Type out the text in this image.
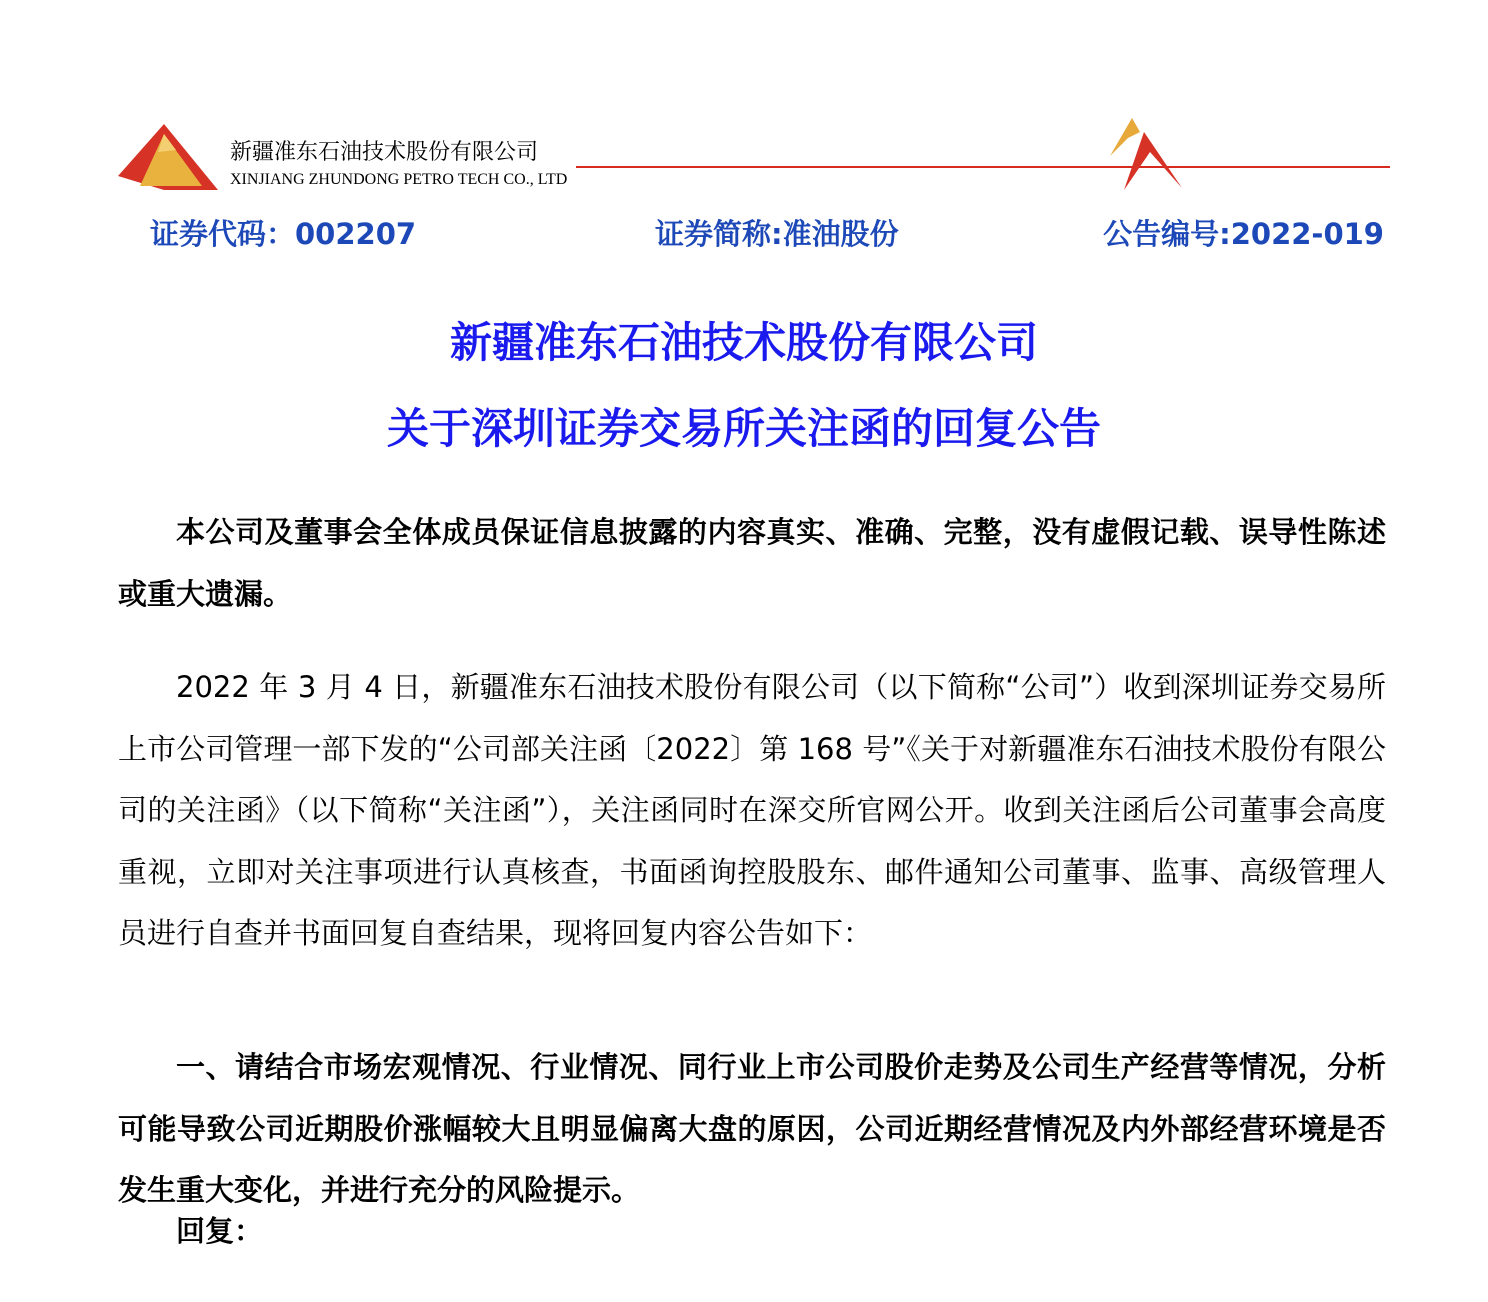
新疆准东石油技术股份有限公司
XINJIANG ZHUNDONG PETRO TECH CO., LTD
证券代码：002207	证券简称:准油股份	公告编号:2022-019
新疆准东石油技术股份有限公司
关于深圳证券交易所关注函的回复公告
本公司及董事会全体成员保证信息披露的内容真实、准确、完整，没有虚假记载、误导性陈述或重大遗漏。
2022 年 3 月 4 日，新疆准东石油技术股份有限公司（以下简称“公司”）收到深圳证券交易所上市公司管理一部下发的“公司部关注函〔2022〕第 168 号”《关于对新疆准东石油技术股份有限公司的关注函》（以下简称“关注函”），关注函同时在深交所官网公开。收到关注函后公司董事会高度重视，立即对关注事项进行认真核查，书面函询控股股东、邮件通知公司董事、监事、高级管理人员进行自查并书面回复自查结果，现将回复内容公告如下：
一、请结合市场宏观情况、行业情况、同行业上市公司股价走势及公司生产经营等情况，分析可能导致公司近期股价涨幅较大且明显偏离大盘的原因，公司近期经营情况及内外部经营环境是否发生重大变化，并进行充分的风险提示。
回复：
